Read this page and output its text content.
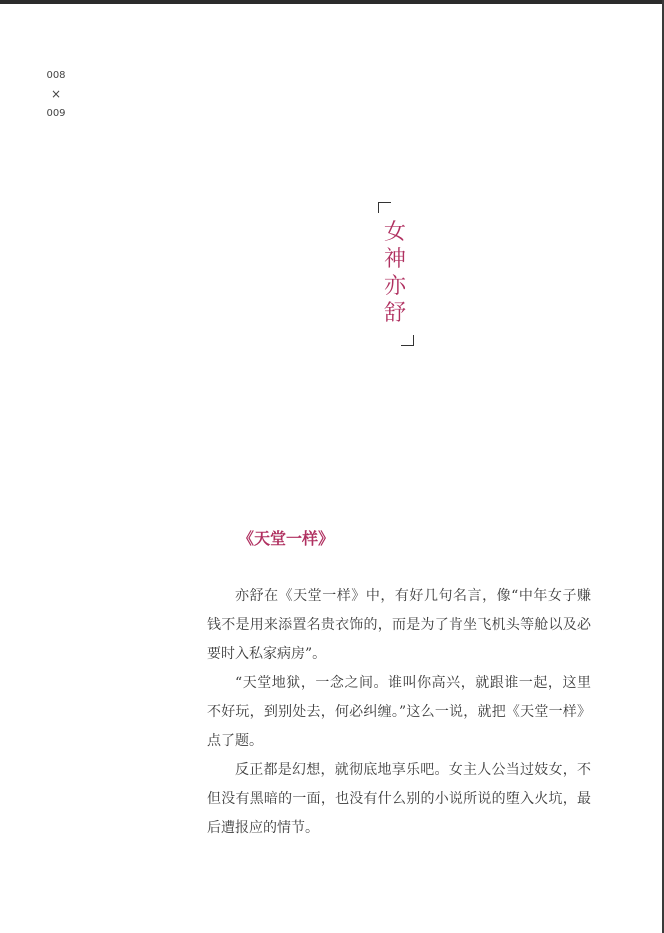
008
×
009
女
神
亦
舒
《天堂一样》

亦舒在《天堂一样》中，有好几句名言，像“中年女子赚钱不是用来添置名贵衣饰的，而是为了肯坐飞机头等舱以及必要时入私家病房”。

“天堂地狱，一念之间。谁叫你高兴，就跟谁一起，这里不好玩，到别处去，何必纠缠。”这么一说，就把《天堂一样》点了题。

反正都是幻想，就彻底地享乐吧。女主人公当过妓女，不但没有黑暗的一面，也没有什么别的小说所说的堕入火坑，最后遭报应的情节。
